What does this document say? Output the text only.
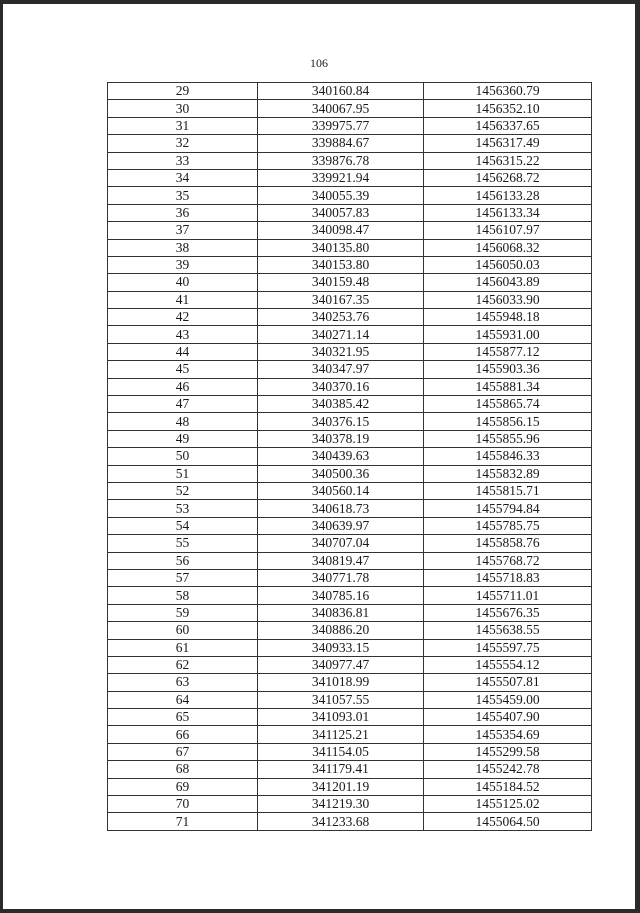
106
29	340160.84	1456360.79
30	340067.95	1456352.10
31	339975.77	1456337.65
32	339884.67	1456317.49
33	339876.78	1456315.22
34	339921.94	1456268.72
35	340055.39	1456133.28
36	340057.83	1456133.34
37	340098.47	1456107.97
38	340135.80	1456068.32
39	340153.80	1456050.03
40	340159.48	1456043.89
41	340167.35	1456033.90
42	340253.76	1455948.18
43	340271.14	1455931.00
44	340321.95	1455877.12
45	340347.97	1455903.36
46	340370.16	1455881.34
47	340385.42	1455865.74
48	340376.15	1455856.15
49	340378.19	1455855.96
50	340439.63	1455846.33
51	340500.36	1455832.89
52	340560.14	1455815.71
53	340618.73	1455794.84
54	340639.97	1455785.75
55	340707.04	1455858.76
56	340819.47	1455768.72
57	340771.78	1455718.83
58	340785.16	1455711.01
59	340836.81	1455676.35
60	340886.20	1455638.55
61	340933.15	1455597.75
62	340977.47	1455554.12
63	341018.99	1455507.81
64	341057.55	1455459.00
65	341093.01	1455407.90
66	341125.21	1455354.69
67	341154.05	1455299.58
68	341179.41	1455242.78
69	341201.19	1455184.52
70	341219.30	1455125.02
71	341233.68	1455064.50
